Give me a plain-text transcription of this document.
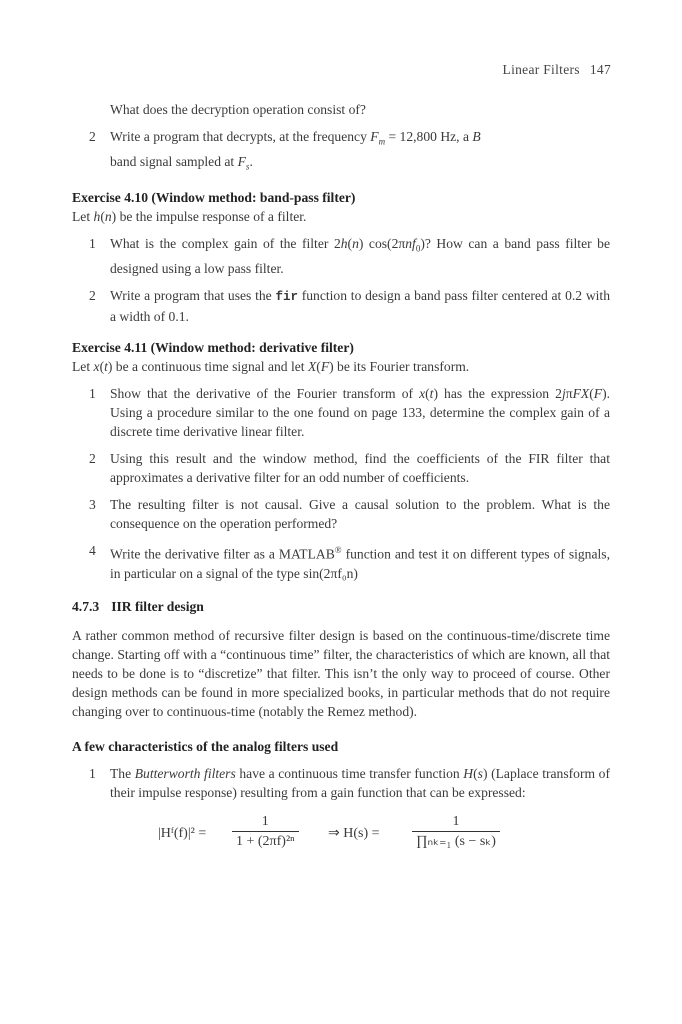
Linear Filters 147

What does the decryption operation consist of?

2 Write a program that decrypts, at the frequency $F_m = 12,800$ Hz, a B
band signal sampled at $F_s$.
Exercise 4.10 (Window method: band-pass filter)

Let h(n) be the impulse response of a filter.

1 What is the complex gain of the filter 2h(n) cos(2πnf$_0$)? How can a band pass filter be designed using a low pass filter.
2 Write a program that uses the fir function to design a band pass filter centered at 0.2 with a width of 0.1.
Exercise 4.11 (Window method: derivative filter)

Let x(t) be a continuous time signal and let X(F) be its Fourier transform.

1 Show that the derivative of the Fourier transform of x(t) has the expression 2jπFX(F). Using a procedure similar to the one found on page 133, determine the complex gain of a discrete time derivative linear filter.
2 Using this result and the window method, find the coefficients of the FIR filter that approximates a derivative filter for an odd number of coefficients.
3 The resulting filter is not causal. Give a causal solution to the problem. What is the consequence on the operation performed?
4 Write the derivative filter as a MATLAB® function and test it on different types of signals, in particular on a signal of the type sin(2πf₀n)
4.7.3 IIR filter design

A rather common method of recursive filter design is based on the continuous-time/discrete time change. Starting off with a “continuous time” filter, the characteristics of which are known, all that needs to be done is to “discretize” that filter. This isn’t the only way to proceed of course. Other design methods can be found in more specialized books, in particular methods that do not require changing over to continuous-time (notably the Remez method).

A few characteristics of the analog filters used
1 The Butterworth filters have a continuous time transfer function H(s) (Laplace transform of their impulse response) resulting from a gain function that can be expressed:
|Hᶠ(f)|² = $\frac{1}{\text{1 + (2πf)²ⁿ}}$ ⇒ $H(s) = \frac{1}{\text{∏ₙₖ₌₁ (s − sₖ)}}$
